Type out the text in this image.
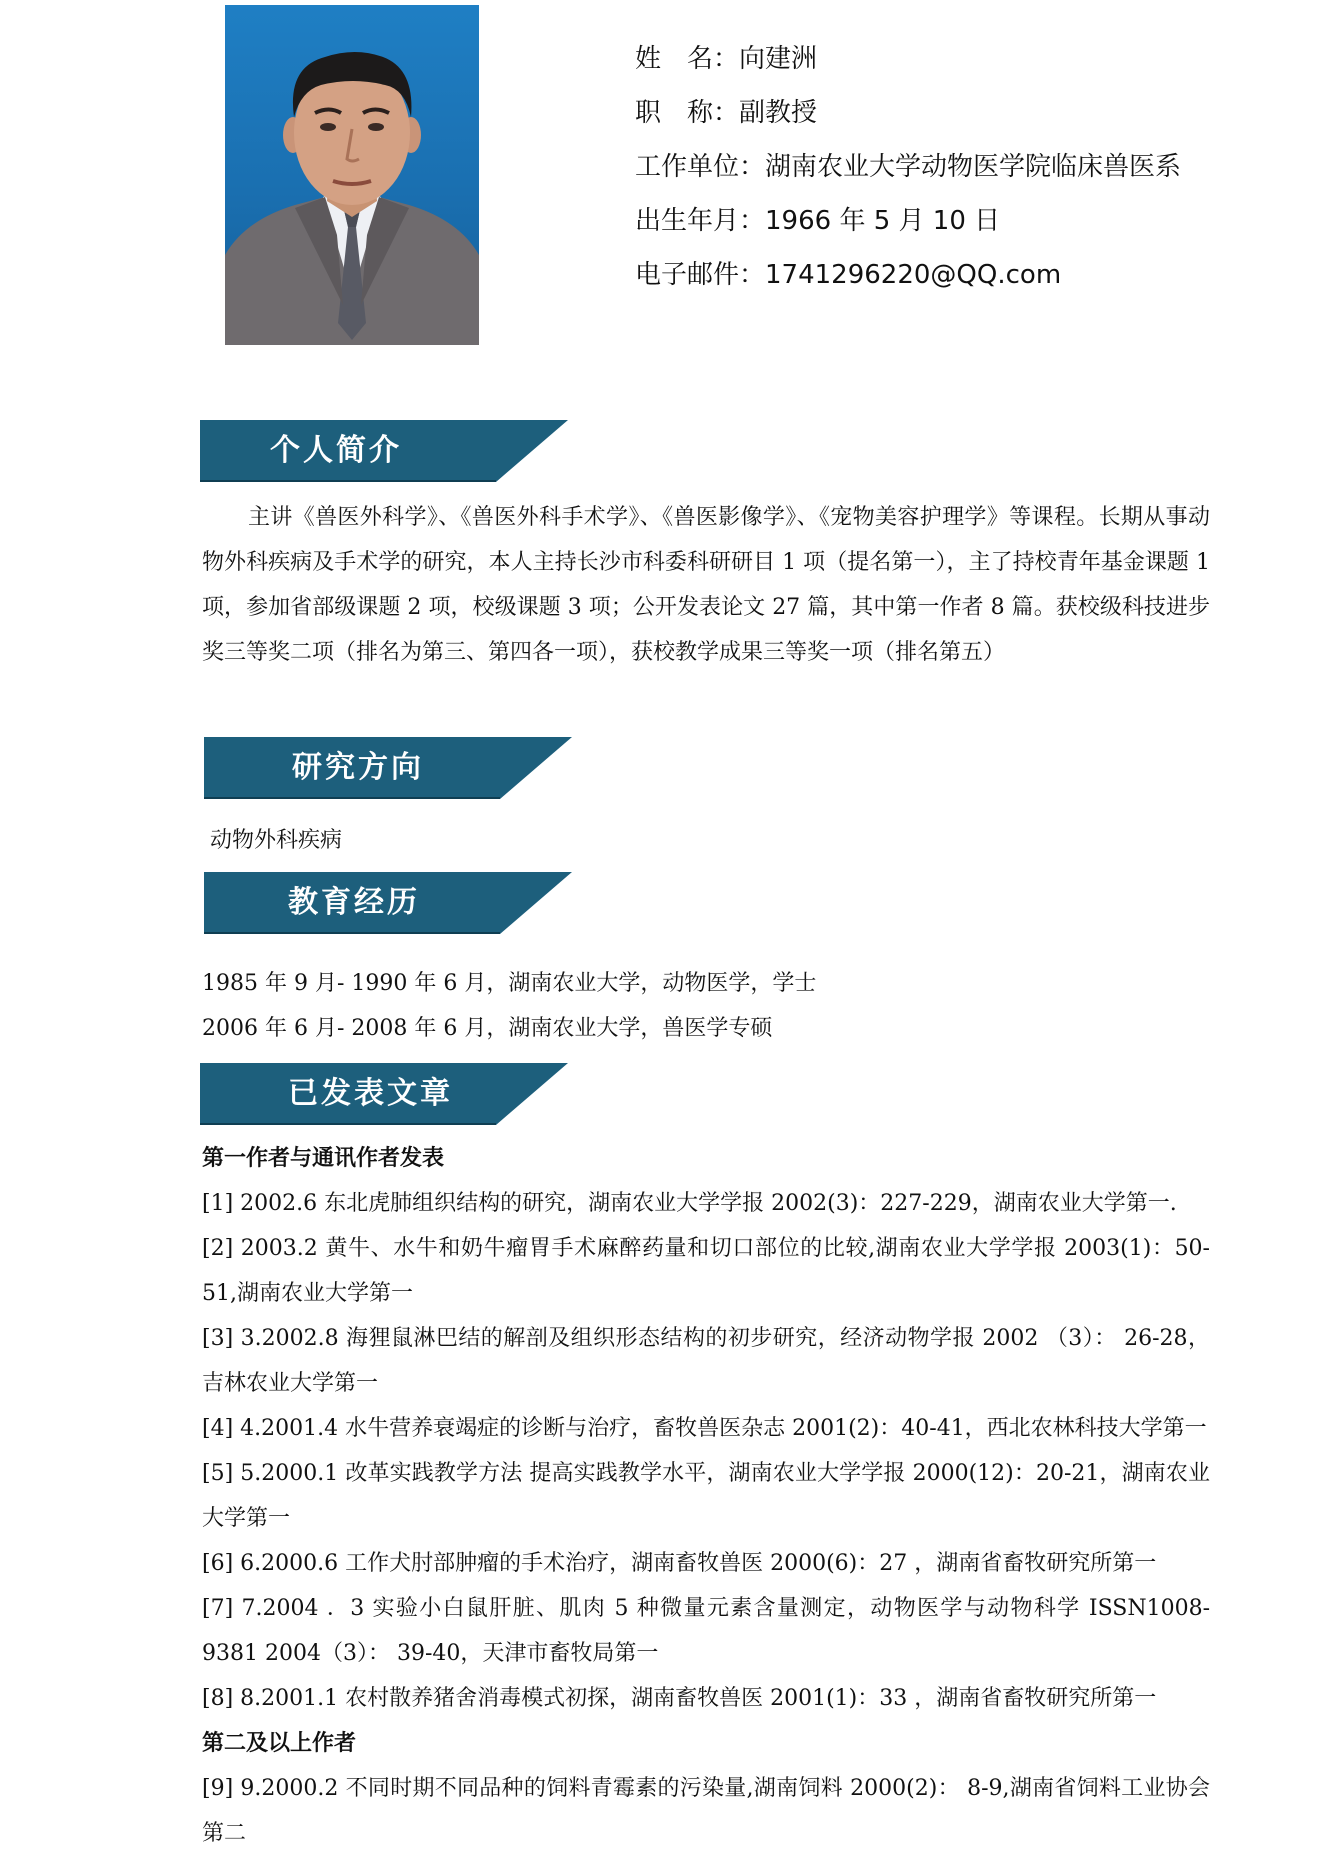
姓　名：向建洲
职　称：副教授
工作单位：湖南农业大学动物医学院临床兽医系
出生年月：1966 年 5 月 10 日
电子邮件：1741296220@QQ.com
个人简介
主讲《兽医外科学》、《兽医外科手术学》、《兽医影像学》、《宠物美容护理学》等课程。长期从事动物外科疾病及手术学的研究，本人主持长沙市科委科研研目 1 项（提名第一），主了持校青年基金课题 1 项，参加省部级课题 2 项，校级课题 3 项；公开发表论文 27 篇，其中第一作者 8 篇。获校级科技进步奖三等奖二项（排名为第三、第四各一项），获校教学成果三等奖一项（排名第五）
研究方向
动物外科疾病
教育经历
1985 年 9 月- 1990 年 6 月，湖南农业大学，动物医学，学士
2006 年 6 月- 2008 年 6 月，湖南农业大学，兽医学专硕
已发表文章
第一作者与通讯作者发表
[1] 2002.6 东北虎肺组织结构的研究，湖南农业大学学报 2002(3)：227-229，湖南农业大学第一.
[2] 2003.2 黄牛、水牛和奶牛瘤胃手术麻醉药量和切口部位的比较,湖南农业大学学报 2003(1)：50-51,湖南农业大学第一
[3] 3.2002.8 海狸鼠淋巴结的解剖及组织形态结构的初步研究，经济动物学报 2002 （3）： 26-28，吉林农业大学第一
[4] 4.2001.4 水牛营养衰竭症的诊断与治疗，畜牧兽医杂志 2001(2)：40-41，西北农林科技大学第一
[5] 5.2000.1 改革实践教学方法 提高实践教学水平，湖南农业大学学报 2000(12)：20-21，湖南农业大学第一
[6] 6.2000.6 工作犬肘部肿瘤的手术治疗，湖南畜牧兽医 2000(6)：27 ，湖南省畜牧研究所第一
[7] 7.2004 ．3 实验小白鼠肝脏、肌肉 5 种微量元素含量测定，动物医学与动物科学 ISSN1008-9381 2004（3）： 39-40，天津市畜牧局第一
[8] 8.2001.1 农村散养猪舍消毒模式初探，湖南畜牧兽医 2001(1)：33 ，湖南省畜牧研究所第一
第二及以上作者
[9] 9.2000.2 不同时期不同品种的饲料青霉素的污染量,湖南饲料 2000(2)： 8-9,湖南省饲料工业协会第二
